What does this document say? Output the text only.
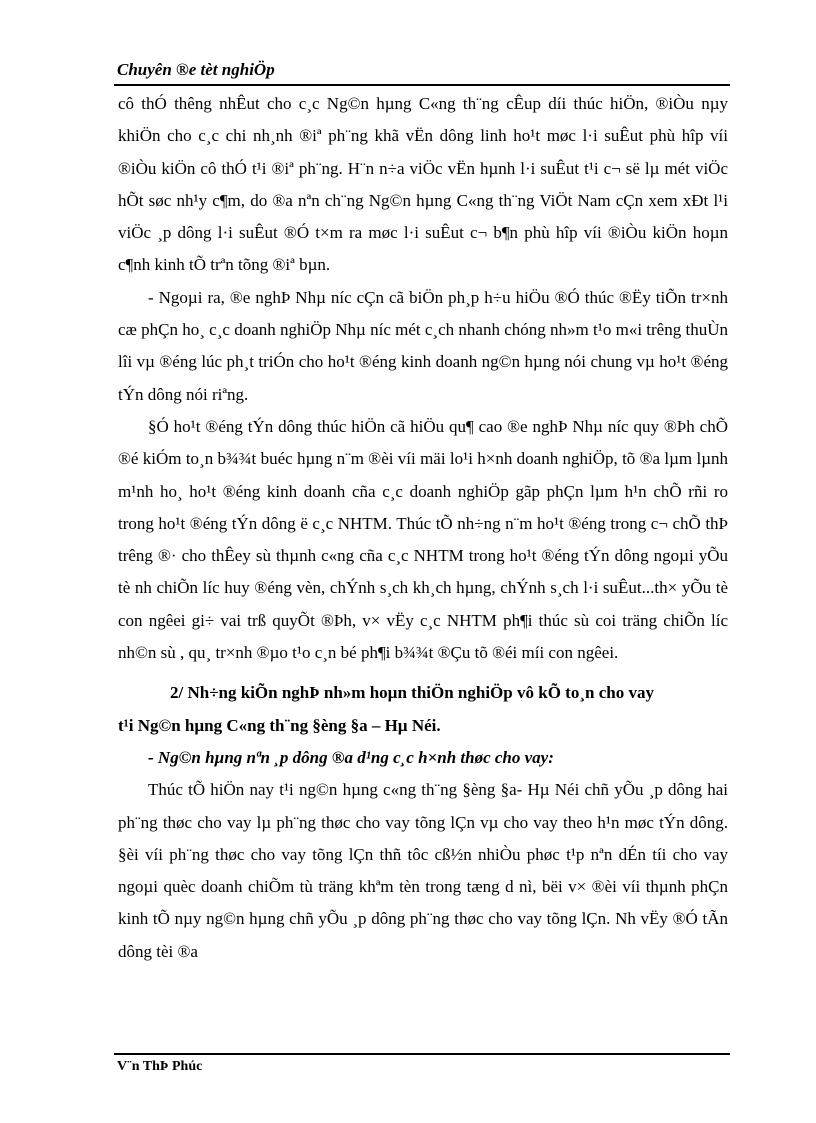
Chuyên ®e tèt nghiÖp

cô thÓ thêng nhÊut cho c¸c Ng©n hµng C«ng th¨ng cÊup díi thúc hiÖn, ®iÒu nµy khiÖn cho c¸c chi nh¸nh ®iª ph¨ng khã vËn dông linh ho¹t møc l·i suÊut phù hîp víi ®iÒu kiÖn cô thÓ t¹i ®iª ph¨ng. H¨n n÷a viÖc vËn hµnh l·i suÊut t¹i c¬ së lµ mét viÖc hÕt søc nh¹y c¶m, do ®a nªn ch¨ng Ng©n hµng C«ng th¨ng ViÖt Nam cÇn xem xÐt l¹i viÖc ¸p dông l·i suÊut ®Ó t×m ra møc l·i suÊut c¬ b¶n phù hîp víi ®iÒu kiÖn hoµn c¶nh kinh tÕ trªn tõng ®iª bµn.

- Ngoµi ra, ®e nghÞ Nhµ níc cÇn cã biÖn ph¸p h÷u hiÖu ®Ó thúc ®Ëy tiÕn tr×nh cæ phÇn ho¸ c¸c doanh nghiÖp Nhµ níc mét c¸ch nhanh chóng nh»m t¹o m«i trêng thuÙn lîi vµ ®éng lúc ph¸t triÓn cho ho¹t ®éng kinh doanh ng©n hµng nói chung vµ ho¹t ®éng tÝn dông nói riªng.

§Ó ho¹t ®éng tÝn dông thúc hiÖn cã hiÖu qu¶ cao ®e nghÞ Nhµ níc quy ®Þh chÕ ®é kiÓm to¸n b¾¾t buéc hµng n¨m ®èi víi mäi lo¹i h×nh doanh nghiÖp, tõ ®a lµm lµnh m¹nh ho¸ ho¹t ®éng kinh doanh cña c¸c doanh nghiÖp gãp phÇn lµm h¹n chÕ rñi ro trong ho¹t ®éng tÝn dông ë c¸c NHTM. Thúc tÕ nh÷ng n¨m ho¹t ®éng trong c¬ chÕ thÞ trêng ®· cho thÊey sù thµnh c«ng cña c¸c NHTM trong ho¹t ®éng tÝn dông ngoµi yÕu tè nh chiÕn líc huy ®éng vèn, chÝnh s¸ch kh¸ch hµng, chÝnh s¸ch l·i suÊut...th× yÕu tè con ngêei gi÷ vai trß quyÕt ®Þh, v× vËy c¸c NHTM ph¶i thúc sù coi träng chiÕn líc nh©n sù , qu¸ tr×nh ®µo t¹o c¸n bé ph¶i b¾¾t ®Çu tõ ®éi míi con ngêei.

2/ Nh÷ng kiÕn nghÞ nh»m hoµn thiÖn nghiÖp vô kÕ to¸n cho vay

t¹i Ng©n hµng C«ng th¨ng §èng §a – Hµ Néi.

- Ng©n hµng nªn ¸p dông ®a d¹ng c¸c h×nh thøc cho vay:

Thúc tÕ hiÖn nay t¹i ng©n hµng c«ng th¨ng §èng §a- Hµ Néi chñ yÕu ¸p dông hai ph¨ng thøc cho vay lµ ph¨ng thøc cho vay tõng lÇn vµ cho vay theo h¹n møc tÝn dông. §èi víi ph¨ng thøc cho vay tõng lÇn thñ tôc cß½n nhiÒu phøc t¹p nªn dÉn tíi cho vay ngoµi quèc doanh chiÕm tù träng khªm tèn trong tæng d nì, bëi v× ®èi víi thµnh phÇn kinh tÕ nµy ng©n hµng chñ yÕu ¸p dông ph¨ng thøc cho vay tõng lÇn. Nh vËy ®Ó tÃn dông tèi ®a

V¨n ThÞ Phúc
